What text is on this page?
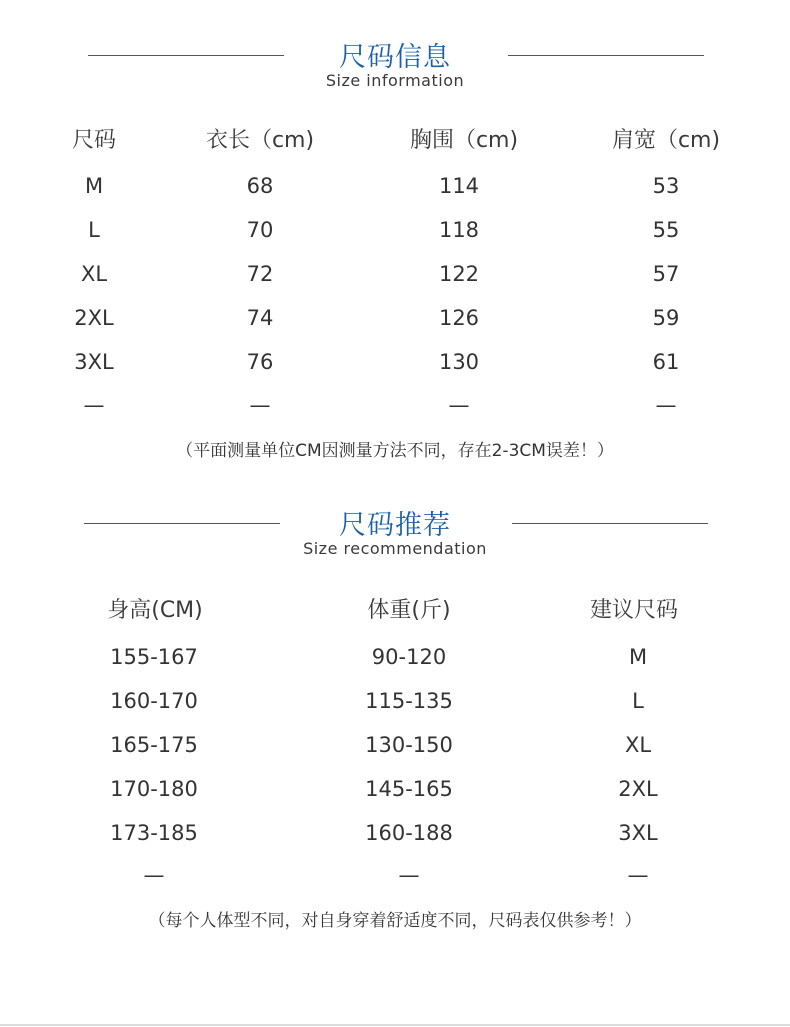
尺码信息
Size information
尺码	衣长（cm)	胸围（cm)	肩宽（cm)
M	68	114	53
L	70	118	55
XL	72	122	57
2XL	74	126	59
3XL	76	130	61
—	—	—	—
（平面测量单位CM因测量方法不同，存在2-3CM误差！）
尺码推荐
Size recommendation
身高(CM)	体重(斤)	建议尺码
155-167	90-120	M
160-170	115-135	L
165-175	130-150	XL
170-180	145-165	2XL
173-185	160-188	3XL
—	—	—
（每个人体型不同，对自身穿着舒适度不同，尺码表仅供参考！）
